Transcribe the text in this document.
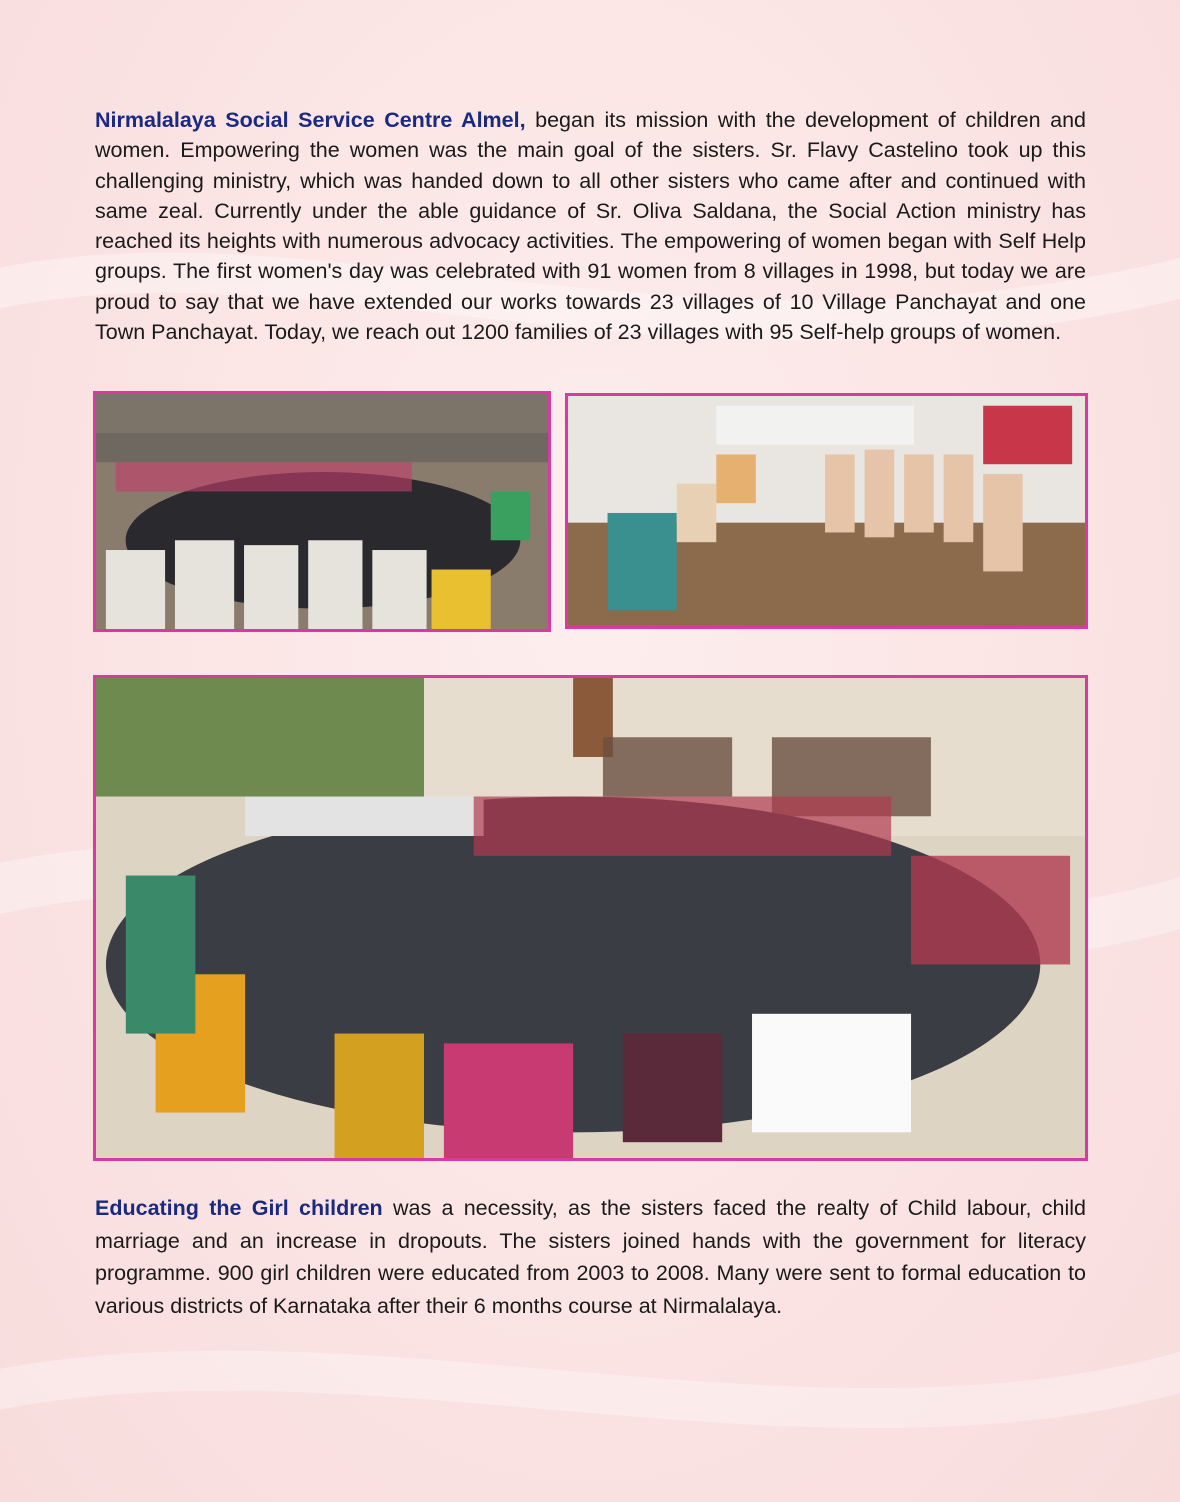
Nirmalalaya Social Service Centre Almel, began its mission with the development of children and women. Empowering the women was the main goal of the sisters. Sr. Flavy Castelino took up this challenging ministry, which was handed down to all other sisters who came after and continued with same zeal. Currently under the able guidance of Sr. Oliva Saldana, the Social Action ministry has reached its heights with numerous advocacy activities. The empowering of women began with Self Help groups. The first women's day was celebrated with 91 women from 8 villages in 1998, but today we are proud to say that we have extended our works towards 23 villages of 10 Village Panchayat and one Town Panchayat. Today, we reach out 1200 families of 23 villages with 95 Self-help groups of women.

Educating the Girl children was a necessity, as the sisters faced the realty of Child labour, child marriage and an increase in dropouts. The sisters joined hands with the government for literacy programme. 900 girl children were educated from 2003 to 2008. Many were sent to formal education to various districts of Karnataka after their 6 months course at Nirmalalaya.
